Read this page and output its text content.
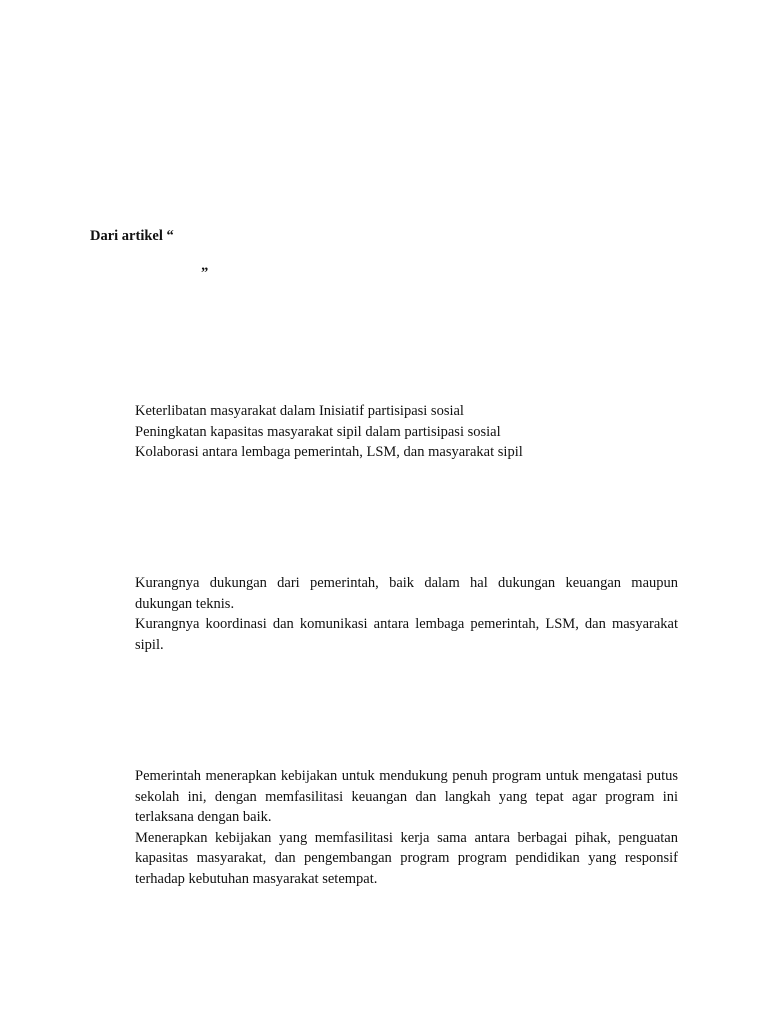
Dari artikel “

”

Keterlibatan masyarakat dalam Inisiatif partisipasi sosial

Peningkatan kapasitas masyarakat sipil dalam partisipasi sosial

Kolaborasi antara lembaga pemerintah, LSM, dan masyarakat sipil

Kurangnya dukungan dari pemerintah, baik dalam hal dukungan keuangan maupun dukungan teknis.

Kurangnya koordinasi dan komunikasi antara lembaga pemerintah, LSM, dan masyarakat sipil.

Pemerintah menerapkan kebijakan untuk mendukung penuh program untuk mengatasi putus sekolah ini, dengan memfasilitasi keuangan dan langkah yang tepat agar program ini terlaksana dengan baik.

Menerapkan kebijakan yang memfasilitasi kerja sama antara berbagai pihak, penguatan kapasitas masyarakat, dan pengembangan program program pendidikan yang responsif terhadap kebutuhan masyarakat setempat.
